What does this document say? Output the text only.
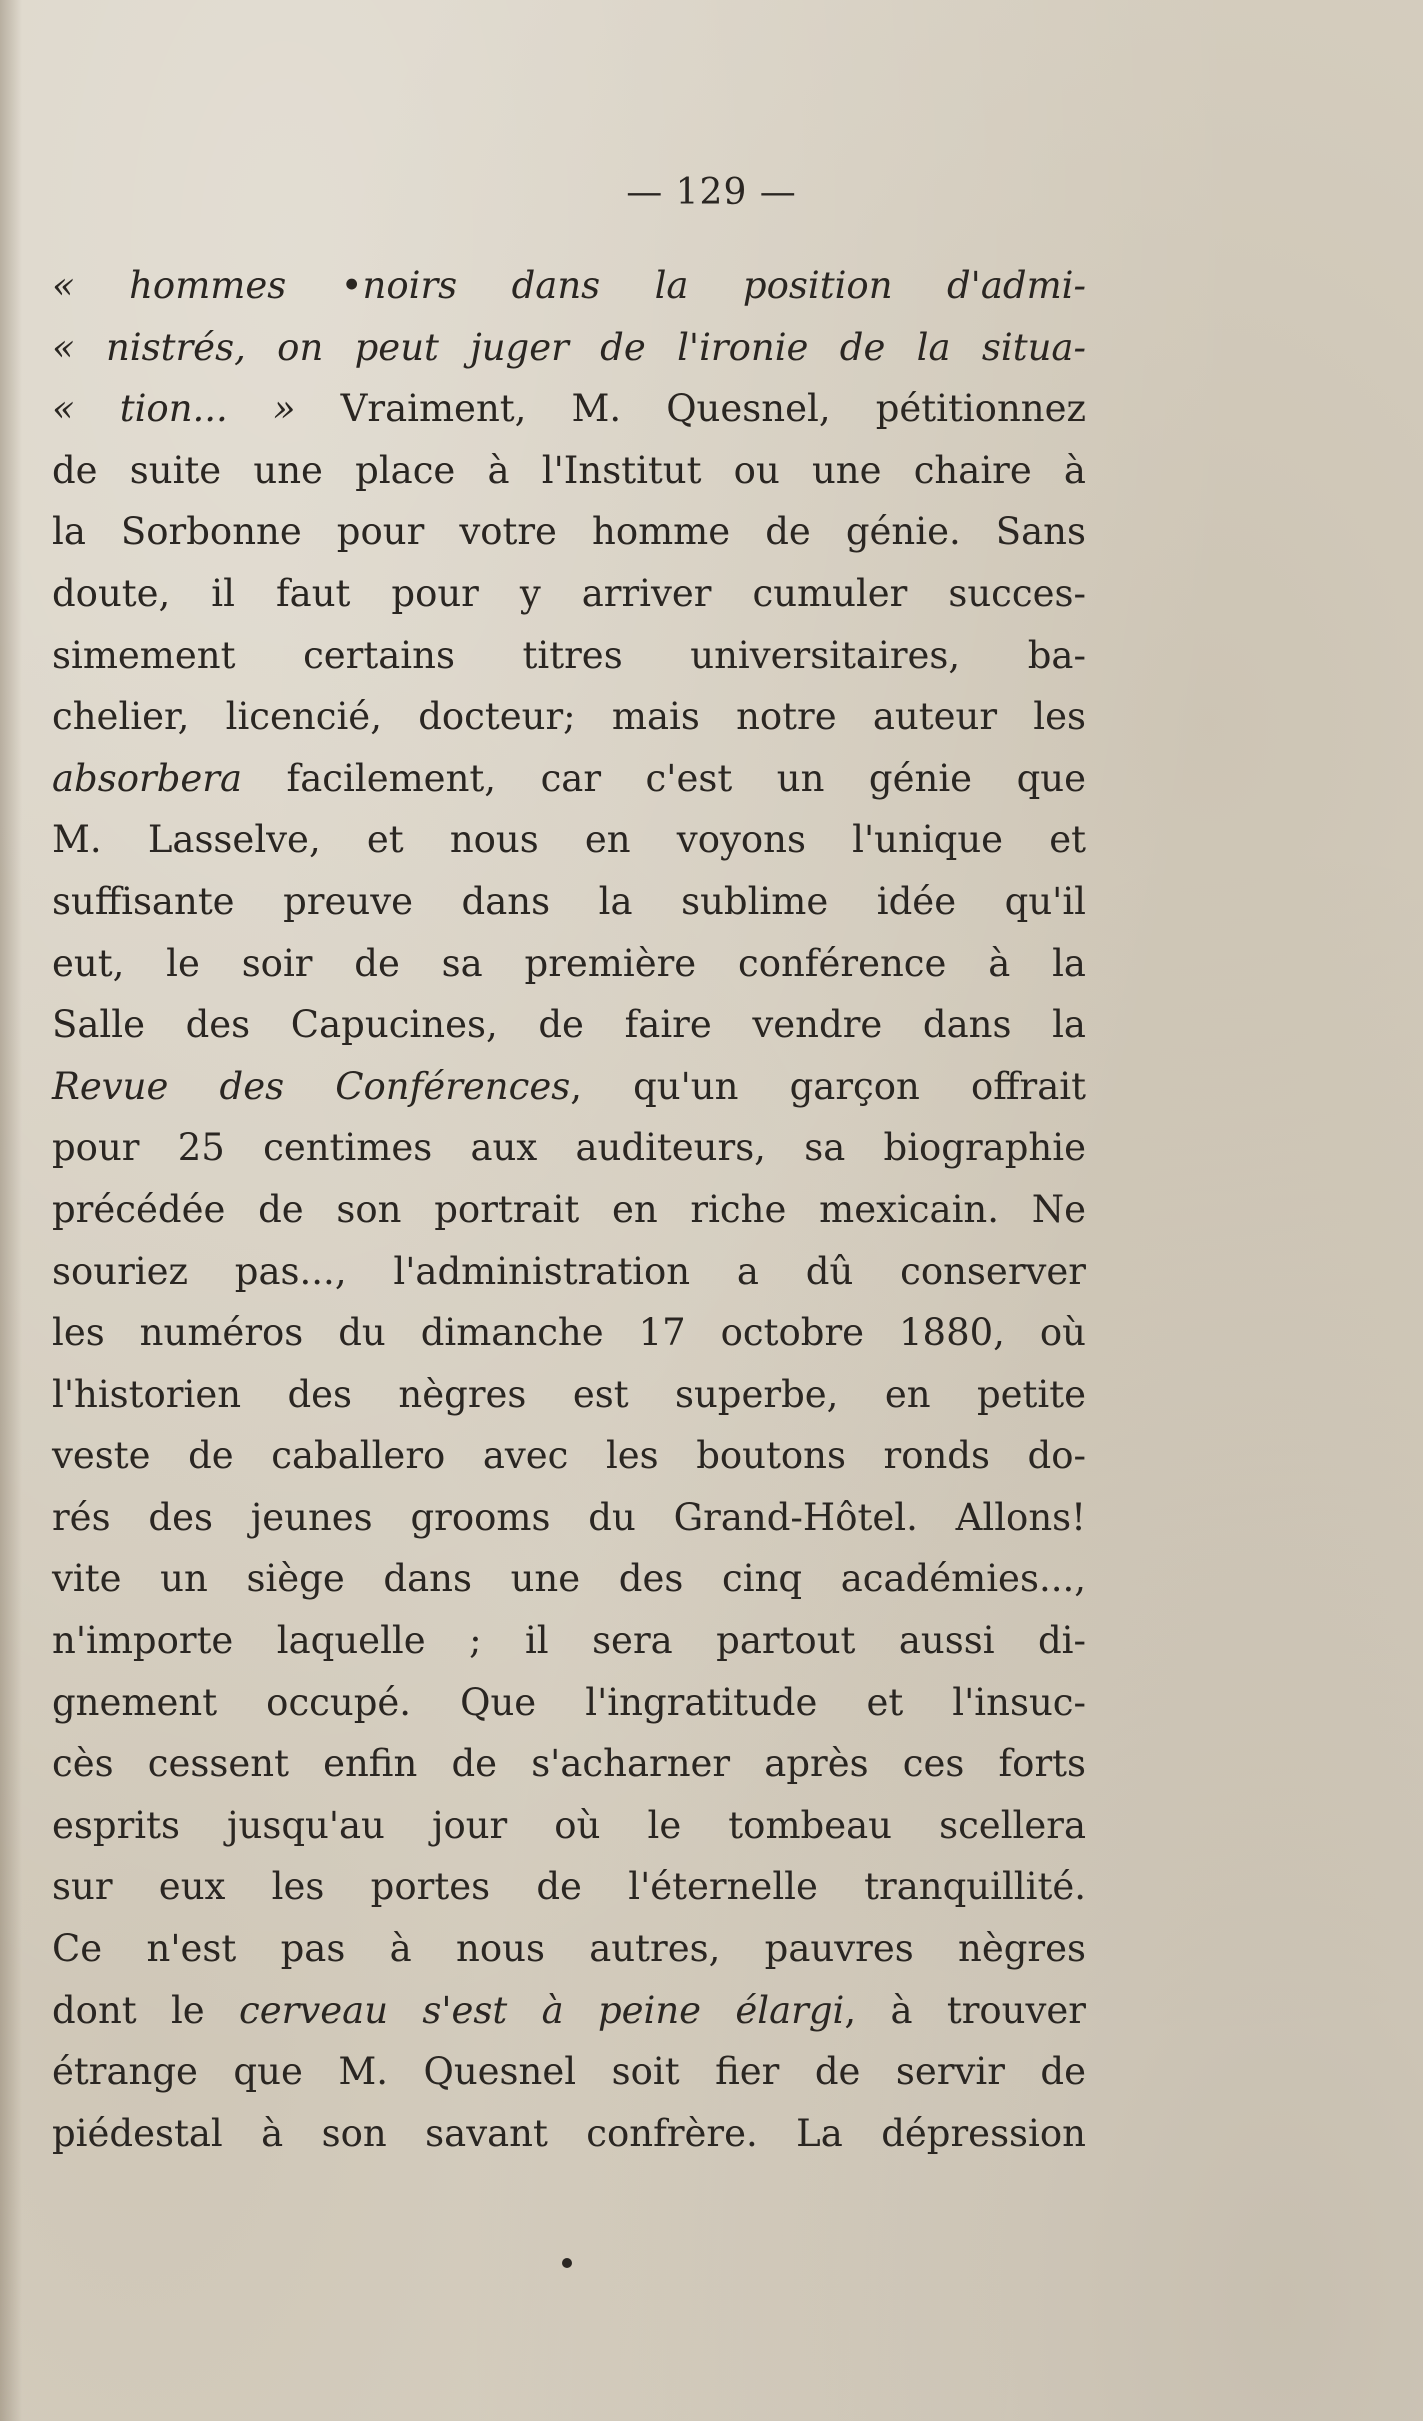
— 129 —
« hommes •noirs dans la position d'admi-
« nistrés, on peut juger de l'ironie de la situa-
« tion... » Vraiment, M. Quesnel, pétitionnez
de suite une place à l'Institut ou une chaire à
la Sorbonne pour votre homme de génie. Sans
doute, il faut pour y arriver cumuler succes-
simement certains titres universitaires, ba-
chelier, licencié, docteur; mais notre auteur les
absorbera facilement, car c'est un génie que
M. Lasselve, et nous en voyons l'unique et
suffisante preuve dans la sublime idée qu'il
eut, le soir de sa première conférence à la
Salle des Capucines, de faire vendre dans la
Revue des Conférences, qu'un garçon offrait
pour 25 centimes aux auditeurs, sa biographie
précédée de son portrait en riche mexicain. Ne
souriez pas..., l'administration a dû conserver
les numéros du dimanche 17 octobre 1880, où
l'historien des nègres est superbe, en petite
veste de caballero avec les boutons ronds do-
rés des jeunes grooms du Grand-Hôtel. Allons!
vite un siège dans une des cinq académies...,
n'importe laquelle ; il sera partout aussi di-
gnement occupé. Que l'ingratitude et l'insuc-
cès cessent enfin de s'acharner après ces forts
esprits jusqu'au jour où le tombeau scellera
sur eux les portes de l'éternelle tranquillité.
Ce n'est pas à nous autres, pauvres nègres
dont le cerveau s'est à peine élargi, à trouver
étrange que M. Quesnel soit fier de servir de
piédestal à son savant confrère. La dépression
